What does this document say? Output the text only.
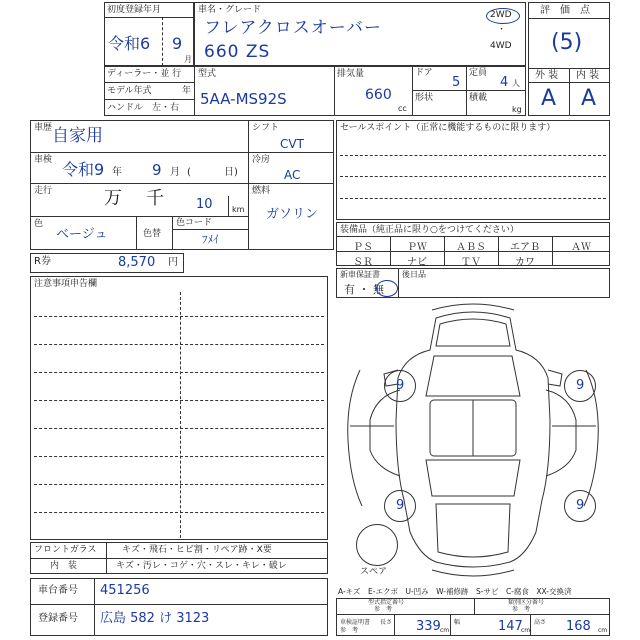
初度登録年月
令和6 9
月
車名・グレード
フレアクロスオーバー
660 ZS
2WD
・
4WD
ディーラー・並 行
モデル年式	年
ハンドル　左・右
型式
5AA-MS92S
排気量
660
cc
ドア
5
定員
4 人
形状	積載
kg
評　価　点
(5)
外 装 内 装
A A
車歴 自家用
車検 令和9 年 9 月 (	日)
走行	万 千 10 km
色
ベージュ	色替
色コード
ﾌﾒｲ
シフト
CVT
冷房
AC
燃料
ガソリン
R券	8,570 円
セールスポイント（正常に機能するものに限ります）
装備品（純正品に限り○をつけてください）
ＰＳ	ＰＷ	ＡＢＳ	エアＢ	ＡＷ
ＳＲ	ナビ	ＴＶ	カワ
新車保証書
有 ・ 無
後日品
注意事項申告欄
9	9
9	9
スペア
フロントガラス	キズ・飛石・ヒビ割・リペア跡・X要
内　装	キズ・汚レ・コゲ・穴・スレ・キレ・破レ
車台番号 451256
登録番号 広島 582 け 3123
A-キズ　E-エクボ　U-凹み　W-補修跡　S-サビ　C-腐食　XX-交換済
型式指定番号
参　考
類別区分番号
参　考
車検証明書
参　考
長さ 339 cm
幅	147
cm
高さ 168 cm
